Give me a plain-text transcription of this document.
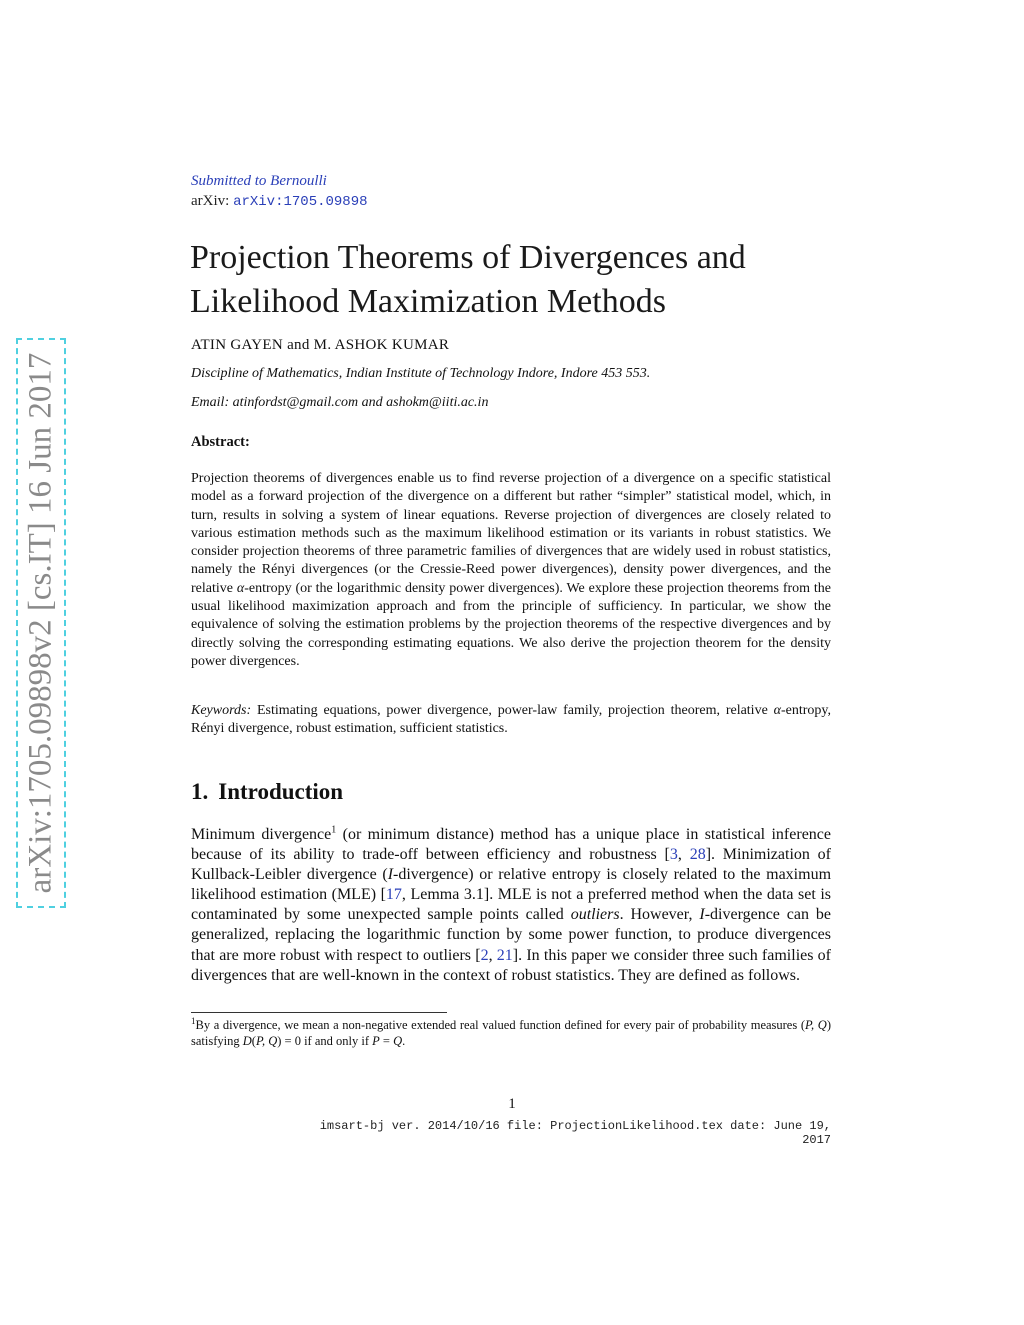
arXiv:1705.09898v2 [cs.IT] 16 Jun 2017
Submitted to Bernoulli
arXiv: arXiv:1705.09898
Projection Theorems of Divergences and Likelihood Maximization Methods
ATIN GAYEN and M. ASHOK KUMAR
Discipline of Mathematics, Indian Institute of Technology Indore, Indore 453 553.
Email: atinfordst@gmail.com and ashokm@iiti.ac.in
Abstract:

Projection theorems of divergences enable us to find reverse projection of a divergence on a specific statistical model as a forward projection of the divergence on a different but rather “simpler” statistical model, which, in turn, results in solving a system of linear equations. Reverse projection of divergences are closely related to various estimation methods such as the maximum likelihood estimation or its variants in robust statistics. We consider projection theorems of three parametric families of divergences that are widely used in robust statistics, namely the Rényi divergences (or the Cressie-Reed power divergences), density power divergences, and the relative α-entropy (or the logarithmic density power divergences). We explore these projection theorems from the usual likelihood maximization approach and from the principle of sufficiency. In particular, we show the equivalence of solving the estimation problems by the projection theorems of the respective divergences and by directly solving the corresponding estimating equations. We also derive the projection theorem for the density power divergences.

Keywords: Estimating equations, power divergence, power-law family, projection theorem, relative α-entropy, Rényi divergence, robust estimation, sufficient statistics.

1. Introduction

Minimum divergence$^1$ (or minimum distance) method has a unique place in statistical inference because of its ability to trade-off between efficiency and robustness [3, 28]. Minimization of Kullback-Leibler divergence (I-divergence) or relative entropy is closely related to the maximum likelihood estimation (MLE) [17, Lemma 3.1]. MLE is not a preferred method when the data set is contaminated by some unexpected sample points called outliers. However, I-divergence can be generalized, replacing the logarithmic function by some power function, to produce divergences that are more robust with respect to outliers [2, 21]. In this paper we consider three such families of divergences that are well-known in the context of robust statistics. They are defined as follows.

$^1$By a divergence, we mean a non-negative extended real valued function defined for every pair of probability measures (P, Q) satisfying D(P, Q) = 0 if and only if P = Q.

1
imsart-bj ver. 2014/10/16 file: ProjectionLikelihood.tex date: June 19, 2017
